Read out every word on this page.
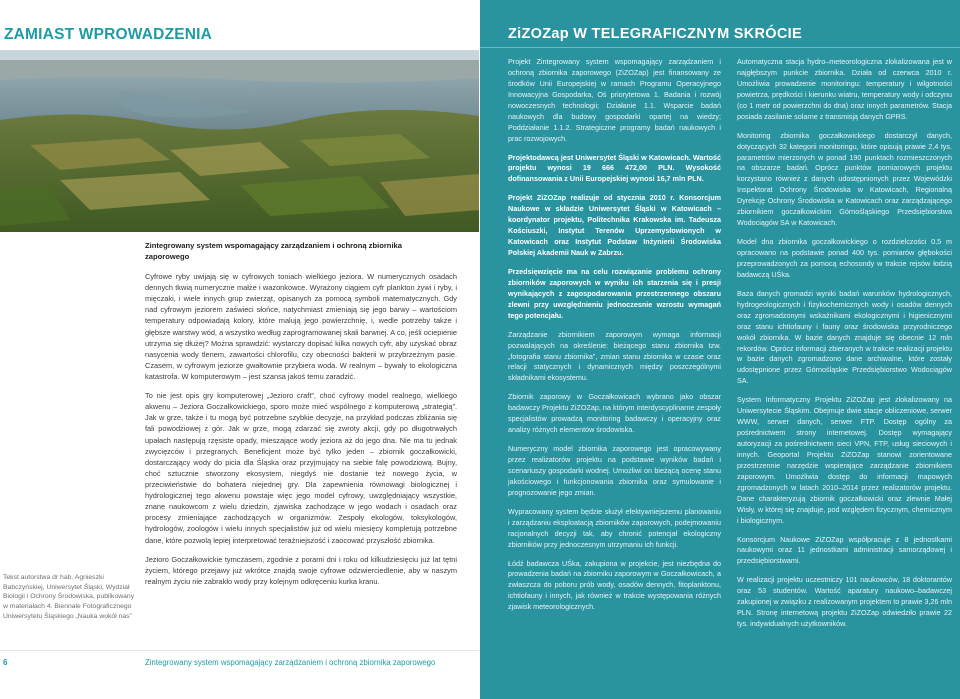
ZAMIAST WPROWADZENIA
Zintegrowany system wspomagający zarządzaniem i ochroną zbiornika zaporowego

Cyfrowe ryby uwijają się w cyfrowych toniach wielkiego jeziora. W numerycznych osadach dennych tkwią numeryczne małże i wazonkowce. Wyrażony ciągiem cyfr plankton żywi i ryby, i mięczaki, i wiele innych grup zwierząt, opisanych za pomocą symboli matematycznych. Gdy nad cyfrowym jeziorem zaświeci słońce, natychmiast zmieniają się jego barwy – wartościom temperatury odpowiadają kolory, które malują jego powierzchnię, i, wedle potrzeby także i głębsze warstwy wód, a wszystko według zaprogramowanej skali barwnej. A co, jeśli ociepienie utrzyma się dłużej? Można sprawdzić: wystarczy dopisać kilka nowych cyfr, aby uzyskać obraz nasycenia wody tlenem, zawartości chlorofilu, czy obecności bakterii w przybrzeżnym pasie. Czasem, w cyfrowym jeziorze gwałtownie przybiera woda. W realnym – bywały to ekologiczna katastrofa. W komputerowym – jest szansa jakoś temu zaradzić.

To nie jest opis gry komputerowej „Jezioro craft”, choć cyfrowy model realnego, wielkiego akwenu – Jeziora Goczałkowickiego, sporo może mieć wspólnego z komputerową „strategią”. Jak w grze, także i tu mogą być potrzebne szybkie decyzje, na przykład podczas zbliżania się fali powodziowej z gór. Jak w grze, mogą zdarzać się zwroty akcji, gdy po długotrwałych upałach następują rzęsiste opady, mieszające wody jeziora aż do jego dna. Nie ma tu jednak zwycięzców i przegranych. Beneficjent może być tylko jeden – zbiornik goczałkowicki, dostarczający wody do picia dla Śląska oraz przyjmujący na siebie falę powodziową. Bujny, choć sztucznie stworzony ekosystem, niegdyś nie dostanie też nowego życia, w przeciwieństwie do bohatera niejednej gry. Dla zapewnienia równowagi biologicznej i hydrologicznej tego akwenu powstaje więc jego model cyfrowy, uwzględniający wszystkie, znane naukowcom z wielu dziedzin, zjawiska zachodzące w jego wodach i osadach oraz procesy zmieniające zachodzących w organizmów. Zespoły ekologów, toksykologów, hydrologów, zoologów i wielu innych specjalistów już od wielu miesięcy kompletują potrzebne dane, które pozwolą lepiej interpretować teraźniejszość i zaocować przyszłość zbiornika.

Jezioro Goczałkowickie tymczasem, zgodnie z porami dni i roku od kilkudziesięciu już lat tętni życiem, którego przejawy już wkrótce znajdą swoje cyfrowe odzwierciedlenie, aby w naszym realnym życiu nie zabrakło wody przy kolejnym odkręceniu kurka kranu.

Tekst autorstwa dr hab. Agnieszki Babczyńskiej, Uniwersytet Śląski, Wydział Biologii i Ochrony Środowiska, publikowany w materiałach 4. Biennale Fotograficznego Uniwersytetu Śląskiego „Nauka wokół nas”
6	Zintegrowany system wspomagający zarządzaniem i ochroną zbiornika zaporowego
ZiZOZap W TELEGRAFICZNYM SKRÓCIE

Projekt Zintegrowany system wspomagający zarządzaniem i ochroną zbiornika zaporowego (ZiZOZap) jest finansowany ze środków Unii Europejskiej w ramach Programu Operacyjnego Innowacyjna Gospodarka, Oś priorytetowa 1. Badania i rozwój nowoczesnych technologii; Działanie 1.1. Wsparcie badań naukowych dla budowy gospodarki opartej na wiedzy; Poddziałanie 1.1.2. Strategiczne programy badań naukowych i prac rozwojowych.

Projektodawcą jest Uniwersytet Śląski w Katowicach. Wartość projektu wynosi 19 666 472,00 PLN. Wysokość dofinansowania z Unii Europejskiej wynosi 16,7 mln PLN.

Projekt ZiZOZap realizuje od stycznia 2010 r. Konsorcjum Naukowe w składzie Uniwersytet Śląski w Katowicach – koordynator projektu, Politechnika Krakowska im. Tadeusza Kościuszki, Instytut Terenów Uprzemysłowionych w Katowicach oraz Instytut Podstaw Inżynierii Środowiska Polskiej Akademii Nauk w Zabrzu.

Przedsięwzięcie ma na celu rozwiązanie problemu ochrony zbiorników zaporowych w wyniku ich starzenia się i presji wynikających z zagospodarowania przestrzennego obszaru zlewni przy uwzględnieniu jednoczesnie wzrostu wymagań tego potencjału.

Zarządzanie zbiornikiem zaporowym wymaga informacji pozwalających na określenie: bieżącego stanu zbiornika tzw. „fotografia stanu zbiornika”, zmian stanu zbiornika w czasie oraz relacji statycznych i dynamicznych między poszczególnymi składnikami ekosystemu.

Zbiornik zaporowy w Goczałkowicach wybrano jako obszar badawczy Projektu ZiZOZap, na którym interdyscyplinarne zespoły specjalistów prowadzą monitoring badawczy i operacyjny oraz analizy różnych elementów środowiska.

Numeryczny model zbiornika zaporowego jest opracowywany przez realizatorów projektu na podstawie wyników badań i scenariuszy gospodarki wodnej. Umożliwi on bieżącą ocenę stanu jakościowego i funkcjonowania zbiornika oraz symulowanie i prognozowanie jego zmian.

Wypracowany system będzie służył efektywniejszemu planowaniu i zarządzaniu eksploatacją zbiorników zaporowych, podejmowaniu racjonalnych decyzji tak, aby chronić potencjał ekologiczny zbiorników przy jednoczesnym utrzymaniu ich funkcji.

Łódź badawcza UŚka, zakupiona w projekcie, jest niezbędna do prowadzenia badań na zbiorniku zaporowym w Goczałkowicach, a zwłaszcza do poboru prób wody, osadów dennych, fitoplanktonu, ichtiofauny i innych, jak również w trakcie występowania różnych zjawisk meteorologicznych.

Automatyczna stacja hydro–meteorologiczna zlokalizowana jest w najgłębszym punkcie zbiornika. Działa od czerwca 2010 r. Umożliwia prowadzenie monitoringu: temperatury i wilgotności powietrza, prędkości i kierunku wiatru, temperatury wody i odczynu (co 1 metr od powierzchni do dna) oraz innych parametrów. Stacja posiada zasilanie solarne z transmisją danych GPRS.

Monitoring zbiornika goczałkowickiego dostarczył danych, dotyczących 32 kategorii monitoringu, które opisują prawie 2,4 tys. parametrów mierzonych w ponad 190 punktach rozmieszczonych na obszarze badań. Oprócz punktów pomiarowych projektu korzystano również z danych udostępnionych przez Wojewódzki Inspektorat Ochrony Środowiska w Katowicach, Regionalną Dyrekcję Ochrony Środowiska w Katowicach oraz zarządzającego zbiornikiem goczałkowickim Górnośląskiego Przedsiębiorstwa Wodociągów SA w Katowicach.

Model dna zbiornika goczałkowickiego o rozdzielczości 0,5 m opracowano na podstawie ponad 400 tys. pomiarów głębokości przeprowadzonych za pomocą echosondy w trakcie rejsów łodzią badawczą UŚka.

Baza danych gromadzi wyniki badań warunków hydrologicznych, hydrogeologicznych i fizykochemicznych wody i osadów dennych oraz zgromadzonymi wskaźnikami ekologicznymi i higienicznymi oraz stanu ichtiofauny i fauny oraz środowiska przyrodniczego wokół zbiornika. W bazie danych znajduje się obecnie 12 mln rekordów. Oprócz informacji zbieranych w trakcie realizacji projektu w bazie danych zgromadzono dane archiwalne, które zostały udostępnione przez Górnośląskie Przedsiębiorstwo Wodociągów SA.

System Informatyczny Projektu ZiZOZap jest zlokalizowany na Uniwersytecie Śląskim. Obejmuje dwie stacje obliczeniowe, serwer WWW, serwer danych, serwer FTP. Dostęp ogólny za pośrednictwem strony internetowej. Dostęp wymagający autoryzacji za pośrednictwem sieci VPN, FTP, usług sieciowych i innych. Geoportal Projektu ZiZOZap stanowi zorientowane przestrzennie narzędzie wspierające zarządzanie zbiornikiem zaporowym. Umożliwia dostęp do informacji mapowych zgromadzonych w latach 2010–2014 przez realizatorów projektu. Dane charakteryzują zbiornik goczałkowicki oraz zlewnie Małej Wisły, w której się znajduje, pod względem fizycznym, chemicznym i biologicznym.

Konsorcjum Naukowe ZiZOZap współpracuje z 8 jednostkami naukowymi oraz 11 jednostkami administracji samorządowej i przedsiębiorstwami.

W realizacji projektu uczestniczy 101 naukowców, 18 doktorantów oraz 53 studentów. Wartość aparatury naukowo–badawczej zakupionej w związku z realizowanym projektem to prawie 3,26 mln PLN. Stronę internetową projektu ZiZOZap odwiedziło prawie 22 tys. indywidualnych użytkowników.
